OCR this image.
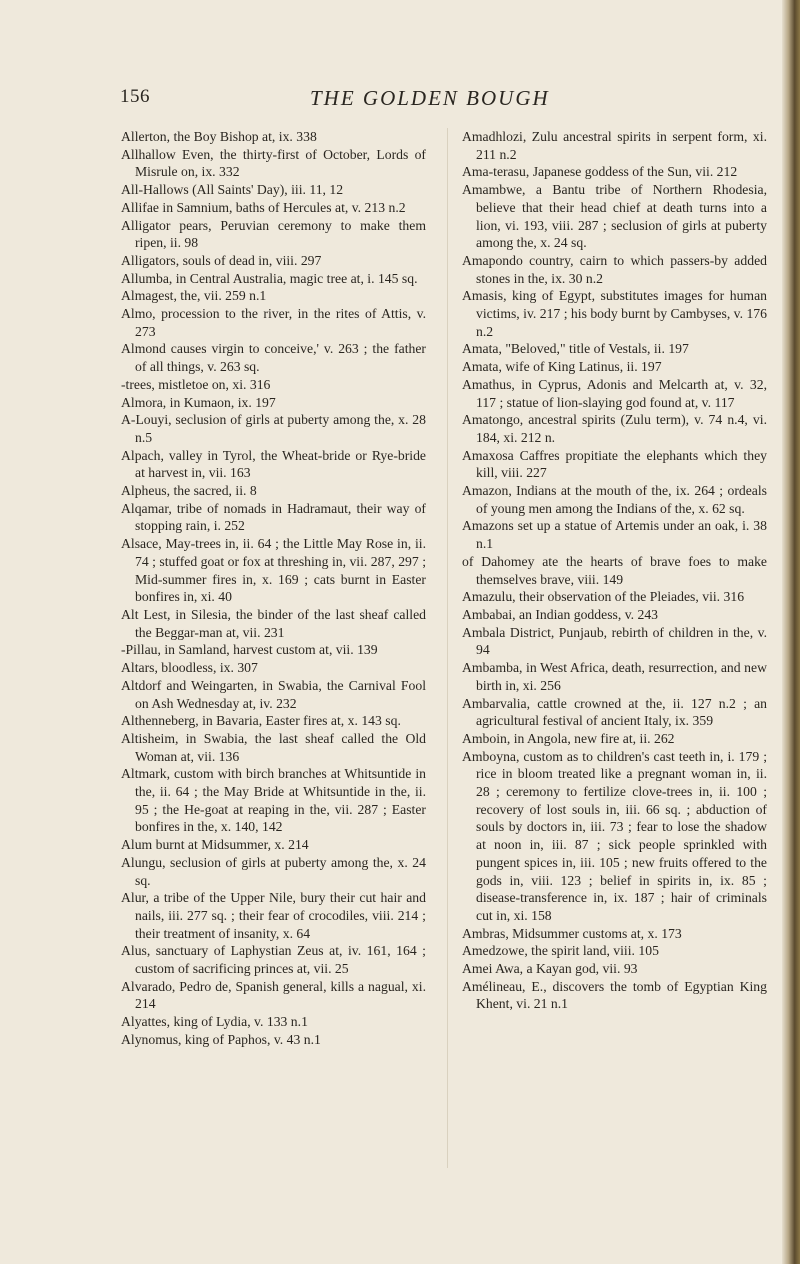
156	THE GOLDEN BOUGH

Allerton, the Boy Bishop at, ix. 338

Allhallow Even, the thirty-first of October, Lords of Misrule on, ix. 332

All-Hallows (All Saints' Day), iii. 11, 12

Allifae in Samnium, baths of Hercules at, v. 213 n.2

Alligator pears, Peruvian ceremony to make them ripen, ii. 98

Alligators, souls of dead in, viii. 297

Allumba, in Central Australia, magic tree at, i. 145 sq.

Almagest, the, vii. 259 n.1

Almo, procession to the river, in the rites of Attis, v. 273

Almond causes virgin to conceive,' v. 263 ; the father of all things, v. 263 sq.

-trees, mistletoe on, xi. 316

Almora, in Kumaon, ix. 197

A-Louyi, seclusion of girls at puberty among the, x. 28 n.5

Alpach, valley in Tyrol, the Wheat-bride or Rye-bride at harvest in, vii. 163

Alpheus, the sacred, ii. 8

Alqamar, tribe of nomads in Hadramaut, their way of stopping rain, i. 252

Alsace, May-trees in, ii. 64 ; the Little May Rose in, ii. 74 ; stuffed goat or fox at threshing in, vii. 287, 297 ; Mid-summer fires in, x. 169 ; cats burnt in Easter bonfires in, xi. 40

Alt Lest, in Silesia, the binder of the last sheaf called the Beggar-man at, vii. 231

-Pillau, in Samland, harvest custom at, vii. 139

Altars, bloodless, ix. 307

Altdorf and Weingarten, in Swabia, the Carnival Fool on Ash Wednesday at, iv. 232

Althenneberg, in Bavaria, Easter fires at, x. 143 sq.

Altisheim, in Swabia, the last sheaf called the Old Woman at, vii. 136

Altmark, custom with birch branches at Whitsuntide in the, ii. 64 ; the May Bride at Whitsuntide in the, ii. 95 ; the He-goat at reaping in the, vii. 287 ; Easter bonfires in the, x. 140, 142

Alum burnt at Midsummer, x. 214

Alungu, seclusion of girls at puberty among the, x. 24 sq.

Alur, a tribe of the Upper Nile, bury their cut hair and nails, iii. 277 sq. ; their fear of crocodiles, viii. 214 ; their treatment of insanity, x. 64

Alus, sanctuary of Laphystian Zeus at, iv. 161, 164 ; custom of sacrificing princes at, vii. 25

Alvarado, Pedro de, Spanish general, kills a nagual, xi. 214

Alyattes, king of Lydia, v. 133 n.1

Alynomus, king of Paphos, v. 43 n.1

Amadhlozi, Zulu ancestral spirits in serpent form, xi. 211 n.2

Ama-terasu, Japanese goddess of the Sun, vii. 212

Amambwe, a Bantu tribe of Northern Rhodesia, believe that their head chief at death turns into a lion, vi. 193, viii. 287 ; seclusion of girls at puberty among the, x. 24 sq.

Amapondo country, cairn to which passers-by added stones in the, ix. 30 n.2

Amasis, king of Egypt, substitutes images for human victims, iv. 217 ; his body burnt by Cambyses, v. 176 n.2

Amata, "Beloved," title of Vestals, ii. 197

Amata, wife of King Latinus, ii. 197

Amathus, in Cyprus, Adonis and Melcarth at, v. 32, 117 ; statue of lion-slaying god found at, v. 117

Amatongo, ancestral spirits (Zulu term), v. 74 n.4, vi. 184, xi. 212 n.

Amaxosa Caffres propitiate the elephants which they kill, viii. 227

Amazon, Indians at the mouth of the, ix. 264 ; ordeals of young men among the Indians of the, x. 62 sq.

Amazons set up a statue of Artemis under an oak, i. 38 n.1

of Dahomey ate the hearts of brave foes to make themselves brave, viii. 149

Amazulu, their observation of the Pleiades, vii. 316

Ambabai, an Indian goddess, v. 243

Ambala District, Punjaub, rebirth of children in the, v. 94

Ambamba, in West Africa, death, resurrection, and new birth in, xi. 256

Ambarvalia, cattle crowned at the, ii. 127 n.2 ; an agricultural festival of ancient Italy, ix. 359

Amboin, in Angola, new fire at, ii. 262

Amboyna, custom as to children's cast teeth in, i. 179 ; rice in bloom treated like a pregnant woman in, ii. 28 ; ceremony to fertilize clove-trees in, ii. 100 ; recovery of lost souls in, iii. 66 sq. ; abduction of souls by doctors in, iii. 73 ; fear to lose the shadow at noon in, iii. 87 ; sick people sprinkled with pungent spices in, iii. 105 ; new fruits offered to the gods in, viii. 123 ; belief in spirits in, ix. 85 ; disease-transference in, ix. 187 ; hair of criminals cut in, xi. 158

Ambras, Midsummer customs at, x. 173

Amedzowe, the spirit land, viii. 105

Amei Awa, a Kayan god, vii. 93

Amélineau, E., discovers the tomb of Egyptian King Khent, vi. 21 n.1
